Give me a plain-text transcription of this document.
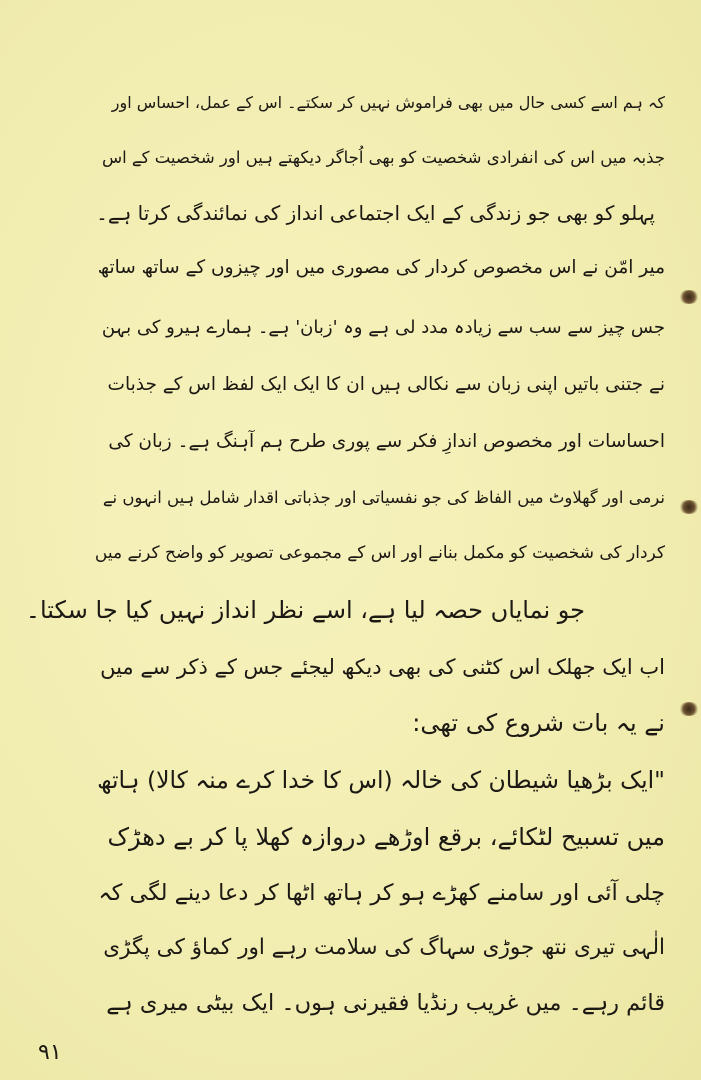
کہ ہم اسے کسی حال میں بھی فراموش نہیں کر سکتے۔ اس کے عمل، احساس اور
جذبہ میں اس کی انفرادی شخصیت کو بھی اُجاگر دیکھتے ہیں اور شخصیت کے اس
پہلو کو بھی جو زندگی کے ایک اجتماعی انداز کی نمائندگی کرتا ہے۔
میر امّن نے اس مخصوص کردار کی مصوری میں اور چیزوں کے ساتھ ساتھ
جس چیز سے سب سے زیادہ مدد لی ہے وہ 'زبان' ہے۔ ہمارے ہیرو کی بہن
نے جتنی باتیں اپنی زبان سے نکالی ہیں ان کا ایک ایک لفظ اس کے جذبات
احساسات اور مخصوص اندازِ فکر سے پوری طرح ہم آہنگ ہے۔ زبان کی
نرمی اور گھلاوٹ میں الفاظ کی جو نفسیاتی اور جذباتی اقدار شامل ہیں انہوں نے
کردار کی شخصیت کو مکمل بنانے اور اس کے مجموعی تصویر کو واضح کرنے میں
جو نمایاں حصہ لیا ہے، اسے نظر انداز نہیں کیا جا سکتا۔
اب ایک جھلک اس کٹنی کی بھی دیکھ لیجئے جس کے ذکر سے میں
نے یہ بات شروع کی تھی:
"ایک بڑھیا شیطان کی خالہ (اس کا خدا کرے منہ کالا) ہاتھ
میں تسبیح لٹکائے، برقع اوڑھے دروازہ کھلا پا کر بے دھڑک
چلی آئی اور سامنے کھڑے ہو کر ہاتھ اٹھا کر دعا دینے لگی کہ
الٰہی تیری نتھ جوڑی سہاگ کی سلامت رہے اور کماؤ کی پگڑی
قائم رہے۔ میں غریب رنڈیا فقیرنی ہوں۔ ایک بیٹی میری ہے
۹۱
